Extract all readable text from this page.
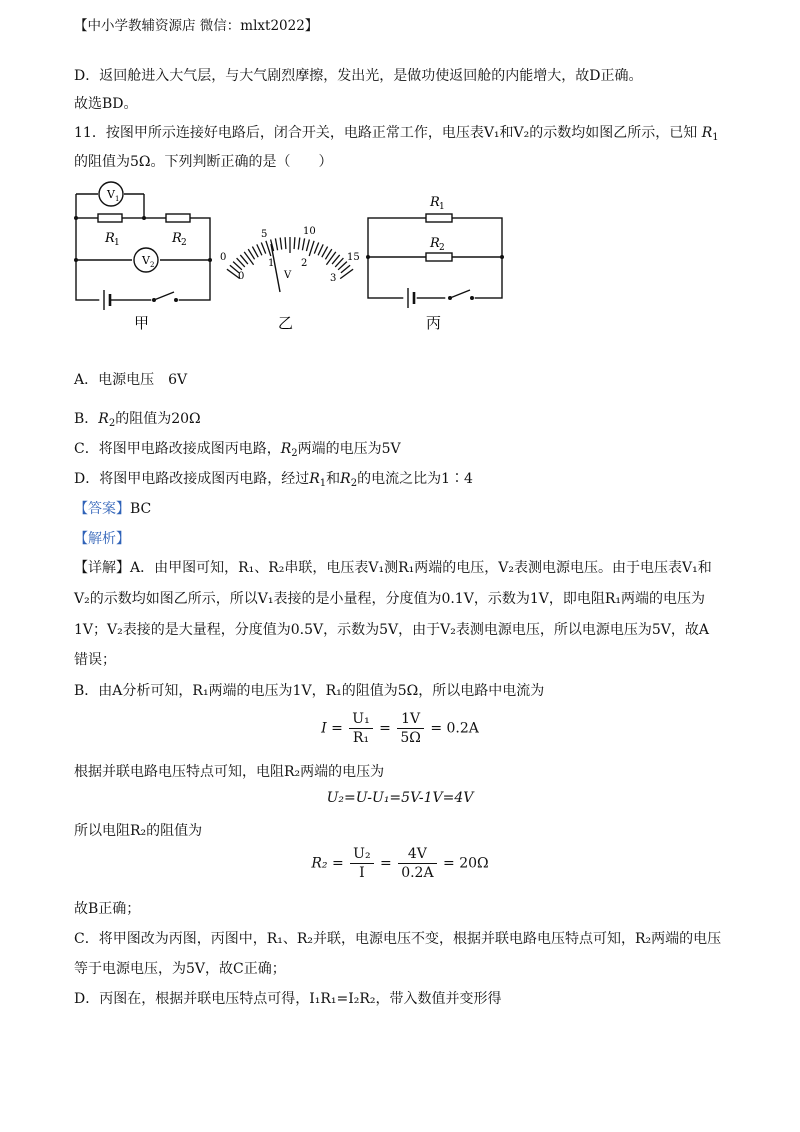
【中小学教辅资源店 微信：mlxt2022】
D．返回舱进入大气层，与大气剧烈摩擦，发出光，是做功使返回舱的内能增大，故D正确。
故选BD。
11．按图甲所示连接好电路后，闭合开关，电路正常工作，电压表V₁和V₂的示数均如图乙所示，已知 $R_1$
的阻值为5Ω。下列判断正确的是（　　）
V 1
V 2
R 1	R 2
甲
0
5	10
15
0
1	2
3
V
乙
R 1
R 2
丙
A．电源电压　6V
B．$R_2$的阻值为20Ω
C．将图甲电路改接成图丙电路，$R_2$两端的电压为5V
D．将图甲电路改接成图丙电路，经过$R_1$和$R_2$的电流之比为1∶4
【答案】BC
【解析】
【详解】A．由甲图可知，R₁、R₂串联，电压表V₁测R₁两端的电压，V₂表测电源电压。由于电压表V₁和
V₂的示数均如图乙所示，所以V₁表接的是小量程，分度值为0.1V，示数为1V，即电阻R₁两端的电压为
1V；V₂表接的是大量程，分度值为0.5V，示数为5V，由于V₂表测电源电压，所以电源电压为5V，故A
错误；
B．由A分析可知，R₁两端的电压为1V，R₁的阻值为5Ω，所以电路中电流为
$I = \frac{\text{U₁}}{\text{R₁}} = \frac{1V}{5\Omega} = 0.2A$
根据并联电路电压特点可知，电阻R₂两端的电压为
U₂=U-U₁=5V-1V=4V
所以电阻R₂的阻值为
$R_2 = \frac{\text{U₂}}{I} = \frac{4V}{0.2A} = 20\Omega$
故B正确；
C．将甲图改为丙图，丙图中，R₁、R₂并联，电源电压不变，根据并联电路电压特点可知，R₂两端的电压
等于电源电压，为5V，故C正确；
D．丙图在，根据并联电压特点可得，I₁R₁=I₂R₂，带入数值并变形得
